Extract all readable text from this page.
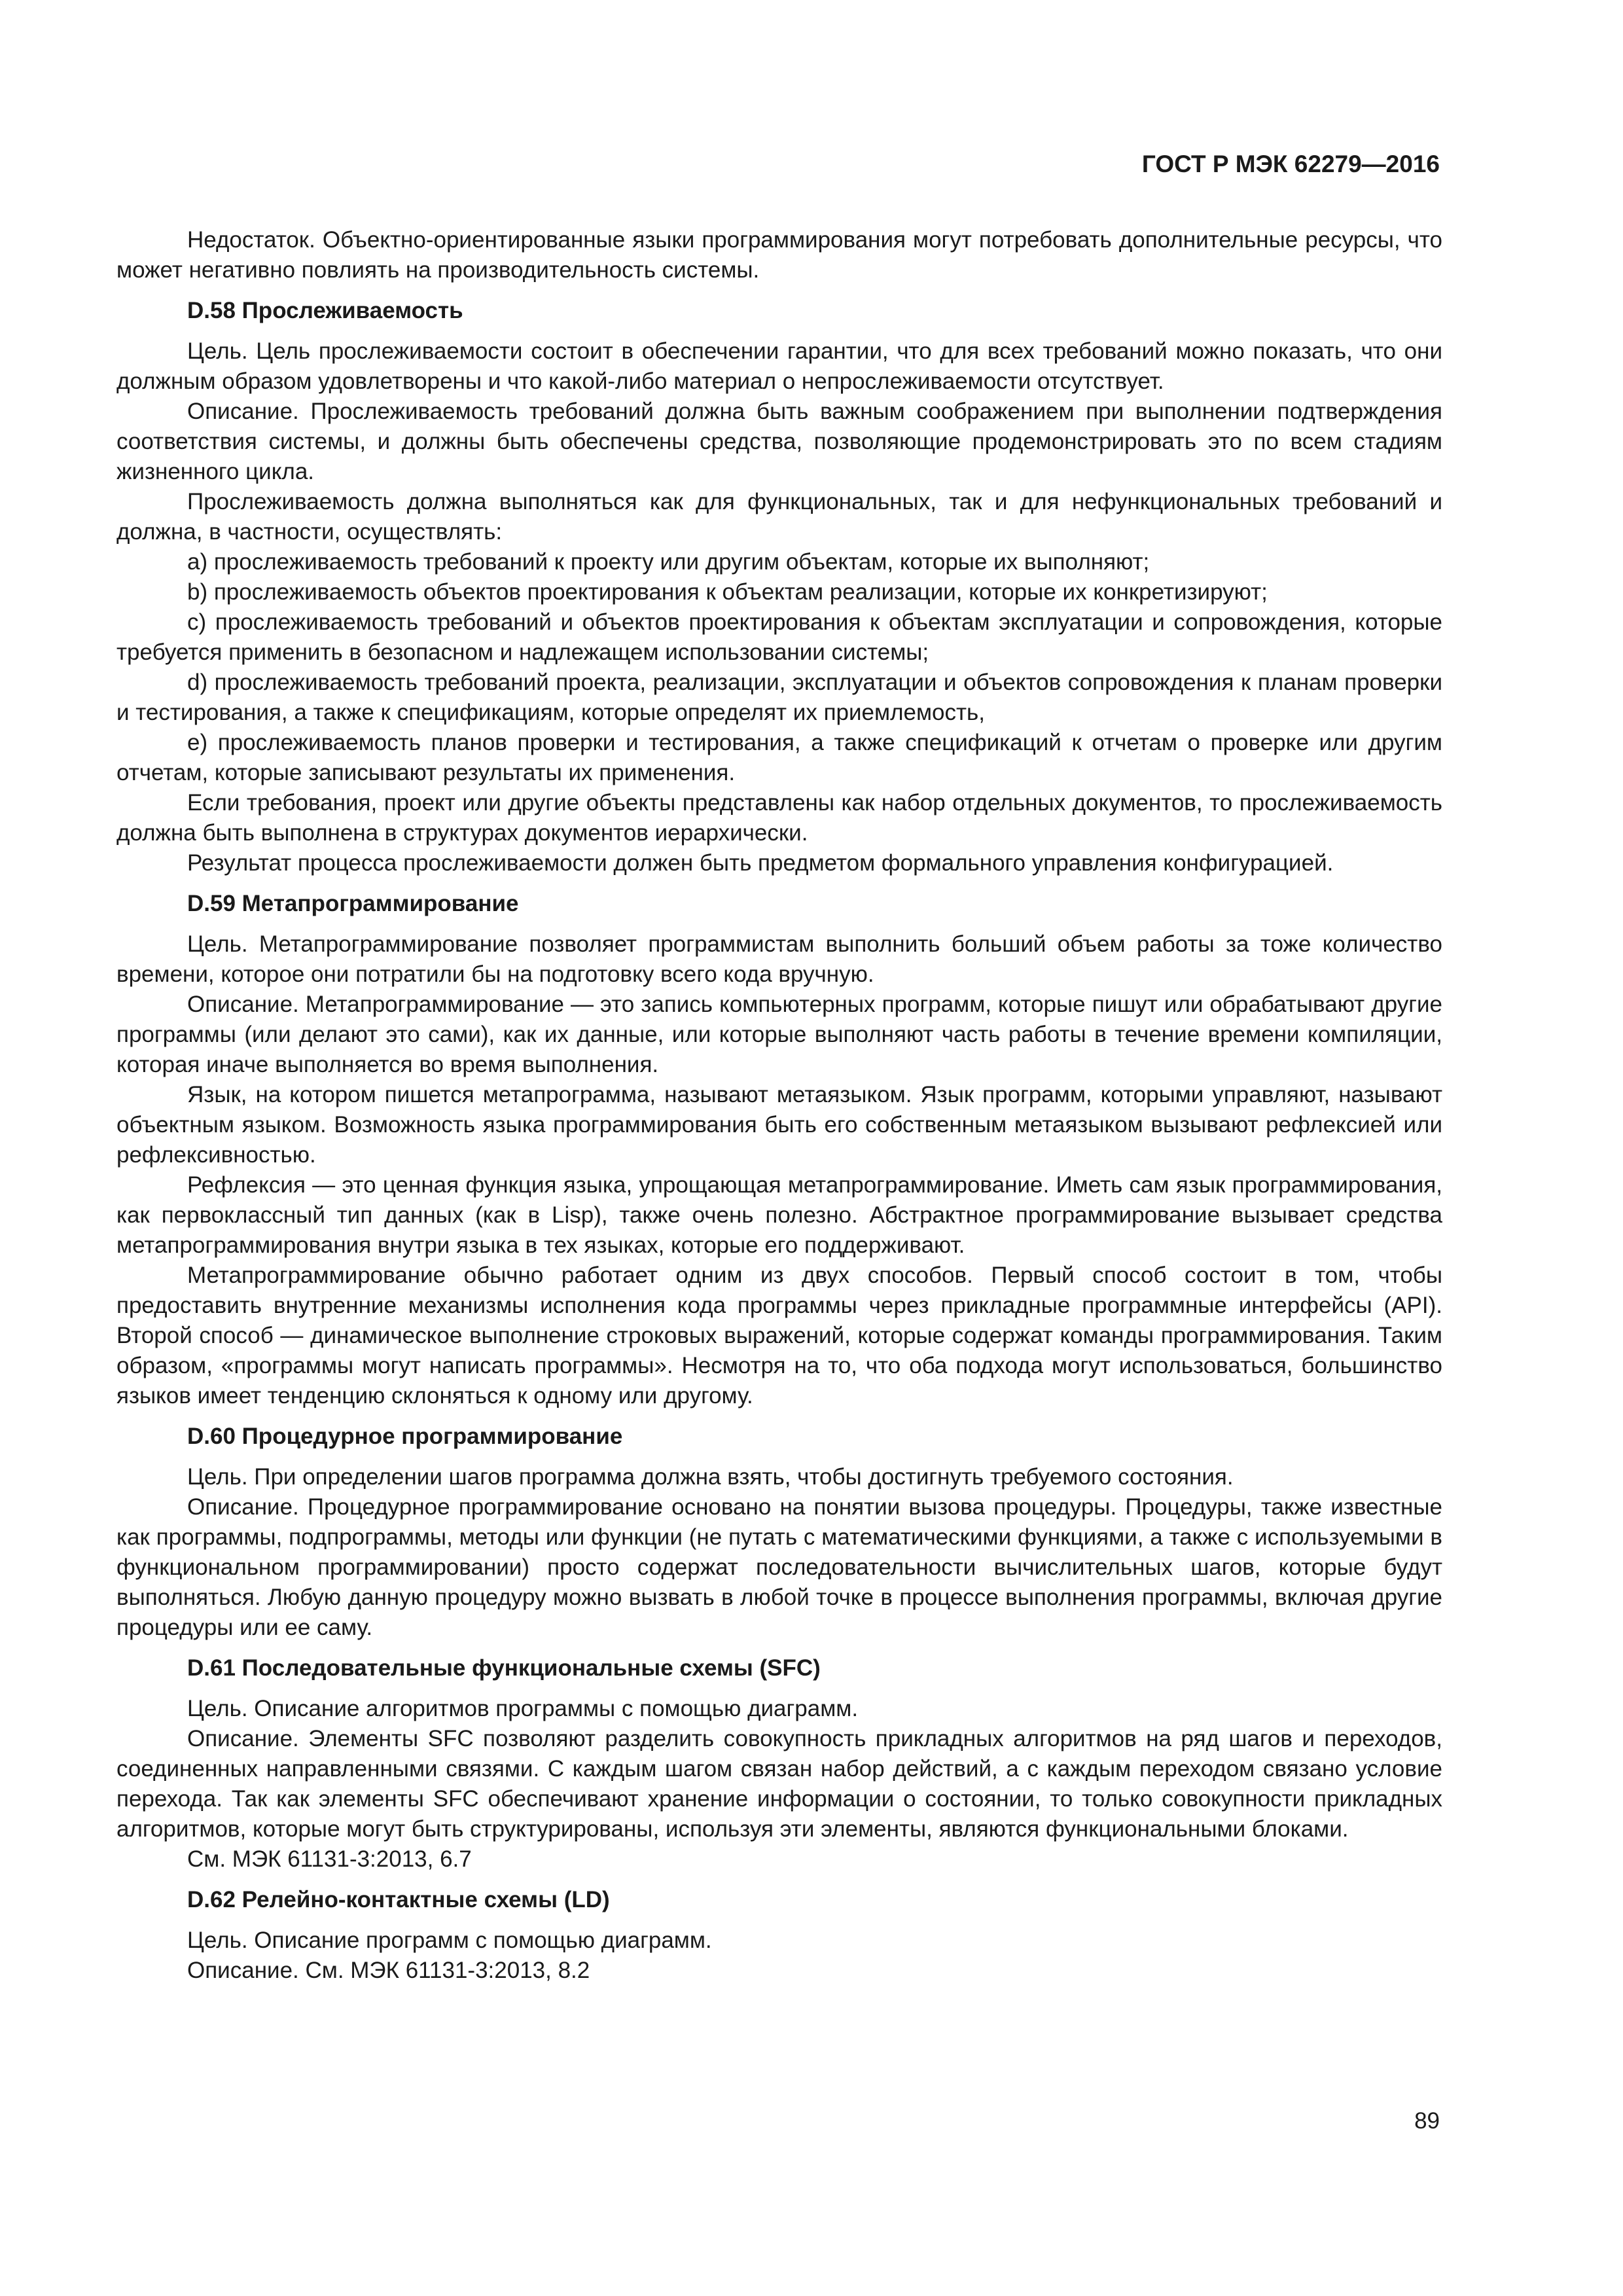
ГОСТ Р МЭК 62279—2016

Недостаток. Объектно-ориентированные языки программирования могут потребовать дополнительные ресурсы, что может негативно повлиять на производительность системы.

D.58 Прослеживаемость

Цель. Цель прослеживаемости состоит в обеспечении гарантии, что для всех требований можно показать, что они должным образом удовлетворены и что какой-либо материал о непрослеживаемости отсутствует.

Описание. Прослеживаемость требований должна быть важным соображением при выполнении подтверждения соответствия системы, и должны быть обеспечены средства, позволяющие продемонстрировать это по всем стадиям жизненного цикла.

Прослеживаемость должна выполняться как для функциональных, так и для нефункциональных требований и должна, в частности, осуществлять:

a) прослеживаемость требований к проекту или другим объектам, которые их выполняют;

b) прослеживаемость объектов проектирования к объектам реализации, которые их конкретизируют;

c) прослеживаемость требований и объектов проектирования к объектам эксплуатации и сопровождения, которые требуется применить в безопасном и надлежащем использовании системы;

d) прослеживаемость требований проекта, реализации, эксплуатации и объектов сопровождения к планам проверки и тестирования, а также к спецификациям, которые определят их приемлемость,

e) прослеживаемость планов проверки и тестирования, а также спецификаций к отчетам о проверке или другим отчетам, которые записывают результаты их применения.

Если требования, проект или другие объекты представлены как набор отдельных документов, то прослеживаемость должна быть выполнена в структурах документов иерархически.

Результат процесса прослеживаемости должен быть предметом формального управления конфигурацией.

D.59 Метапрограммирование

Цель. Метапрограммирование позволяет программистам выполнить больший объем работы за тоже количество времени, которое они потратили бы на подготовку всего кода вручную.

Описание. Метапрограммирование — это запись компьютерных программ, которые пишут или обрабатывают другие программы (или делают это сами), как их данные, или которые выполняют часть работы в течение времени компиляции, которая иначе выполняется во время выполнения.

Язык, на котором пишется метапрограмма, называют метаязыком. Язык программ, которыми управляют, называют объектным языком. Возможность языка программирования быть его собственным метаязыком вызывают рефлексией или рефлексивностью.

Рефлексия — это ценная функция языка, упрощающая метапрограммирование. Иметь сам язык программирования, как первоклассный тип данных (как в Lisp), также очень полезно. Абстрактное программирование вызывает средства метапрограммирования внутри языка в тех языках, которые его поддерживают.

Метапрограммирование обычно работает одним из двух способов. Первый способ состоит в том, чтобы предоставить внутренние механизмы исполнения кода программы через прикладные программные интерфейсы (API). Второй способ — динамическое выполнение строковых выражений, которые содержат команды программирования. Таким образом, «программы могут написать программы». Несмотря на то, что оба подхода могут использоваться, большинство языков имеет тенденцию склоняться к одному или другому.

D.60 Процедурное программирование

Цель. При определении шагов программа должна взять, чтобы достигнуть требуемого состояния.

Описание. Процедурное программирование основано на понятии вызова процедуры. Процедуры, также известные как программы, подпрограммы, методы или функции (не путать с математическими функциями, а также с используемыми в функциональном программировании) просто содержат последовательности вычислительных шагов, которые будут выполняться. Любую данную процедуру можно вызвать в любой точке в процессе выполнения программы, включая другие процедуры или ее саму.

D.61 Последовательные функциональные схемы (SFC)

Цель. Описание алгоритмов программы с помощью диаграмм.

Описание. Элементы SFC позволяют разделить совокупность прикладных алгоритмов на ряд шагов и переходов, соединенных направленными связями. С каждым шагом связан набор действий, а с каждым переходом связано условие перехода. Так как элементы SFC обеспечивают хранение информации о состоянии, то только совокупности прикладных алгоритмов, которые могут быть структурированы, используя эти элементы, являются функциональными блоками.

См. МЭК 61131-3:2013, 6.7

D.62 Релейно-контактные схемы (LD)

Цель. Описание программ с помощью диаграмм.

Описание. См. МЭК 61131-3:2013, 8.2

89
